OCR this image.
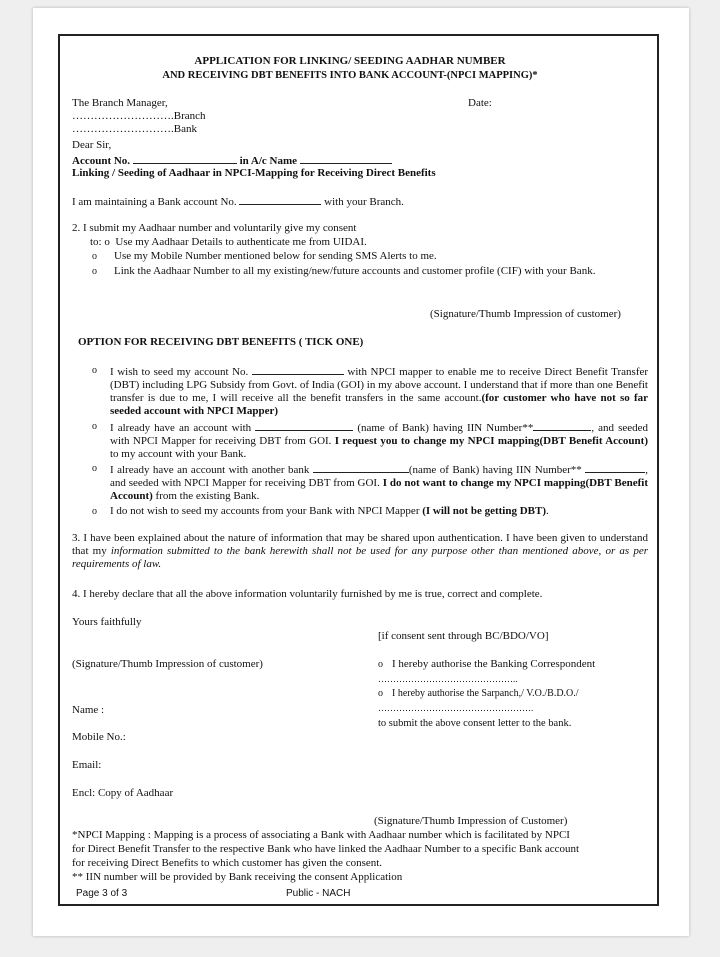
APPLICATION FOR LINKING/ SEEDING AADHAR NUMBER
AND RECEIVING DBT BENEFITS INTO BANK ACCOUNT-(NPCI MAPPING)*
The Branch Manager,	Date:
……………………….Branch
……………………….Bank
Dear Sir,
Account No.	in A/c Name
Linking / Seeding of Aadhaar in NPCI-Mapping for Receiving Direct Benefits
I am maintaining a Bank account No.	with your Branch.
2. I submit my Aadhaar number and voluntarily give my consent
to: o Use my Aadhaar Details to authenticate me from UIDAI.
o Use my Mobile Number mentioned below for sending SMS Alerts to me.
o Link the Aadhaar Number to all my existing/new/future accounts and customer profile (CIF) with your Bank.
(Signature/Thumb Impression of customer)
OPTION FOR RECEIVING DBT BENEFITS ( TICK ONE)
o I wish to seed my account No.	with NPCI mapper to enable me to receive Direct Benefit Transfer (DBT) including LPG Subsidy from Govt. of India (GOI) in my above account. I understand that if more than one Benefit transfer is due to me, I will receive all the benefit transfers in the same account.(for customer who have not so far seeded account with NPCI Mapper)
o I already have an account with	(name of Bank) having IIN Number**	, and seeded with NPCI Mapper for receiving DBT from GOI. I request you to change my NPCI mapping(DBT Benefit Account) to my account with your Bank.
o I already have an account with another bank	(name of Bank) having IIN Number**	, and seeded with NPCI Mapper for receiving DBT from GOI. I do not want to change my NPCI mapping(DBT Benefit Account) from the existing Bank.
o I do not wish to seed my accounts from your Bank with NPCI Mapper (I will not be getting DBT).
3. I have been explained about the nature of information that may be shared upon authentication. I have been given to understand that my information submitted to the bank herewith shall not be used for any purpose other than mentioned above, or as per requirements of law.
4. I hereby declare that all the above information voluntarily furnished by me is true, correct and complete.
Yours faithfully
[if consent sent through BC/BDO/VO]
(Signature/Thumb Impression of customer)	o I hereby authorise the Banking Correspondent
………………………………………..
o I hereby authorise the Sarpanch,/ V.O./B.D.O./
Name :	…………………………………………….
to submit the above consent letter to the bank.
Mobile No.:
Email:
Encl: Copy of Aadhaar
(Signature/Thumb Impression of Customer)
*NPCI Mapping : Mapping is a process of associating a Bank with Aadhaar number which is facilitated by NPCI
for Direct Benefit Transfer to the respective Bank who have linked the Aadhaar Number to a specific Bank account
for receiving Direct Benefits to which customer has given the consent.
** IIN number will be provided by Bank receiving the consent Application
Page 3 of 3	Public - NACH
